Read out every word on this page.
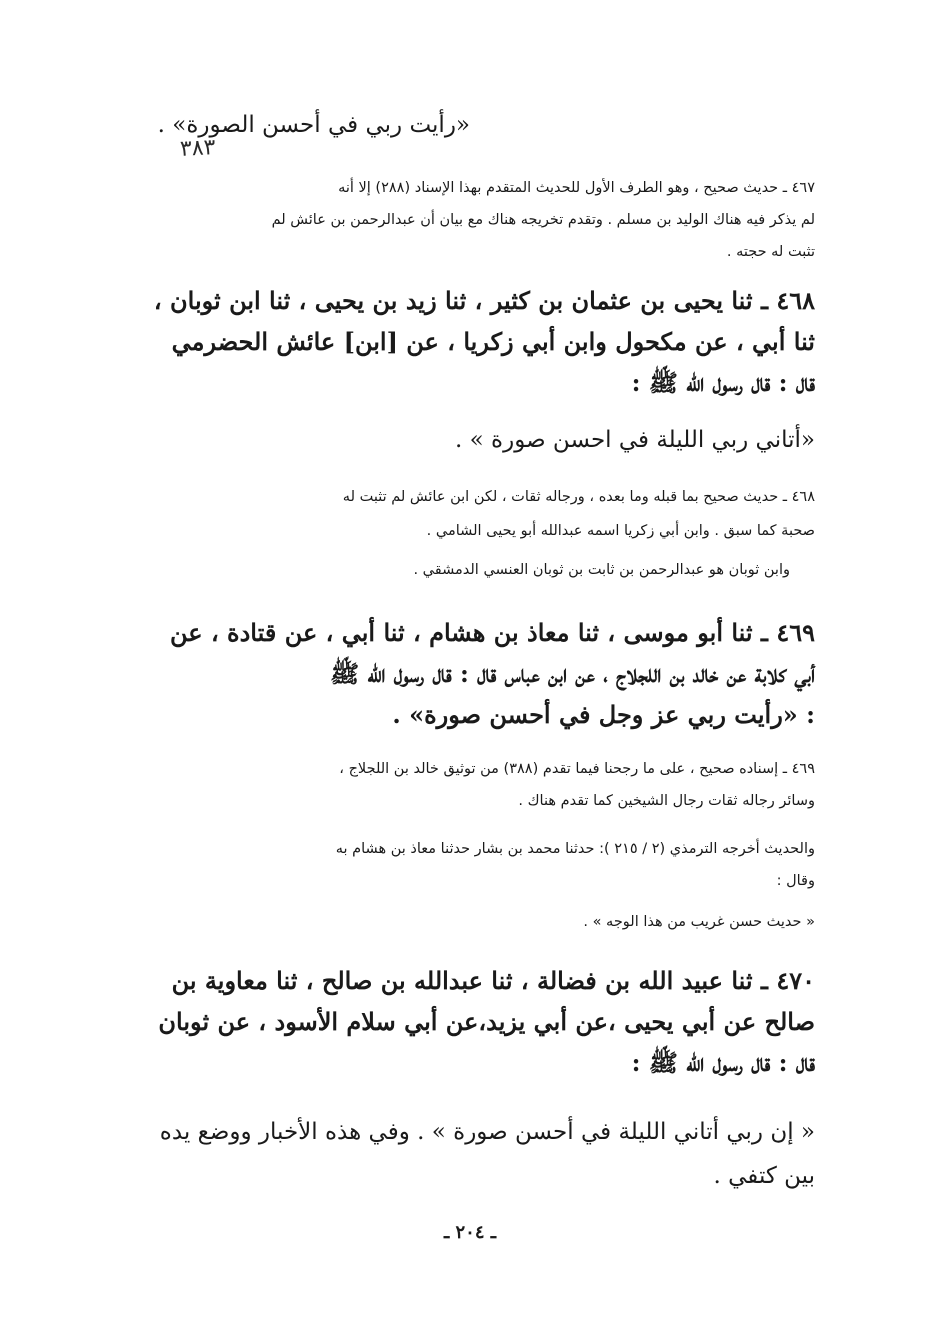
«رأيت ربي في أحسن الصورة» .
٣٨٣
٤٦٧ ـ حديث صحيح ، وهو الطرف الأول للحديث المتقدم بهذا الإسناد (٢٨٨) إلا أنه
لم يذكر فيه هناك الوليد بن مسلم . وتقدم تخريجه هناك مع بيان أن عبدالرحمن بن عائش لم
تثبت له حجته .
٤٦٨ ـ ثنا يحيى بن عثمان بن كثير ، ثنا زيد بن يحيى ، ثنا ابن ثوبان ،
ثنا أبي ، عن مكحول وابن أبي زكريا ، عن [ابن] عائش الحضرمي
قال : قال رسول الله ﷺ :
«أتاني ربي الليلة في احسن صورة » .
٤٦٨ ـ حديث صحيح بما قبله وما بعده ، ورجاله ثقات ، لكن ابن عائش لم تثبت له
صحبة كما سبق . وابن أبي زكريا اسمه عبدالله أبو يحيى الشامي .
وابن ثوبان هو عبدالرحمن بن ثابت بن ثوبان العنسي الدمشقي .
٤٦٩ ـ ثنا أبو موسى ، ثنا معاذ بن هشام ، ثنا أبي ، عن قتادة ، عن
أبي كلابة عن خالد بن اللجلاج ، عن ابن عباس قال : قال رسول الله ﷺ
: «رأيت ربي عز وجل في أحسن صورة» .
٤٦٩ ـ إسناده صحيح ، على ما رجحنا فيما تقدم (٣٨٨) من توثيق خالد بن اللجلاج ،
وسائر رجاله ثقات رجال الشيخين كما تقدم هناك .
والحديث أخرجه الترمذي (٢ / ٢١٥ ): حدثنا محمد بن بشار حدثنا معاذ بن هشام به
وقال :
« حديث حسن غريب من هذا الوجه » .
٤٧٠ ـ ثنا عبيد الله بن فضالة ، ثنا عبدالله بن صالح ، ثنا معاوية بن
صالح عن أبي يحيى ،عن أبي يزيد،عن أبي سلام الأسود ، عن ثوبان
قال : قال رسول الله ﷺ :
« إن ربي أتاني الليلة في أحسن صورة » . وفي هذه الأخبار ووضع يده
بين كتفي .
ـ ٢٠٤ ـ
